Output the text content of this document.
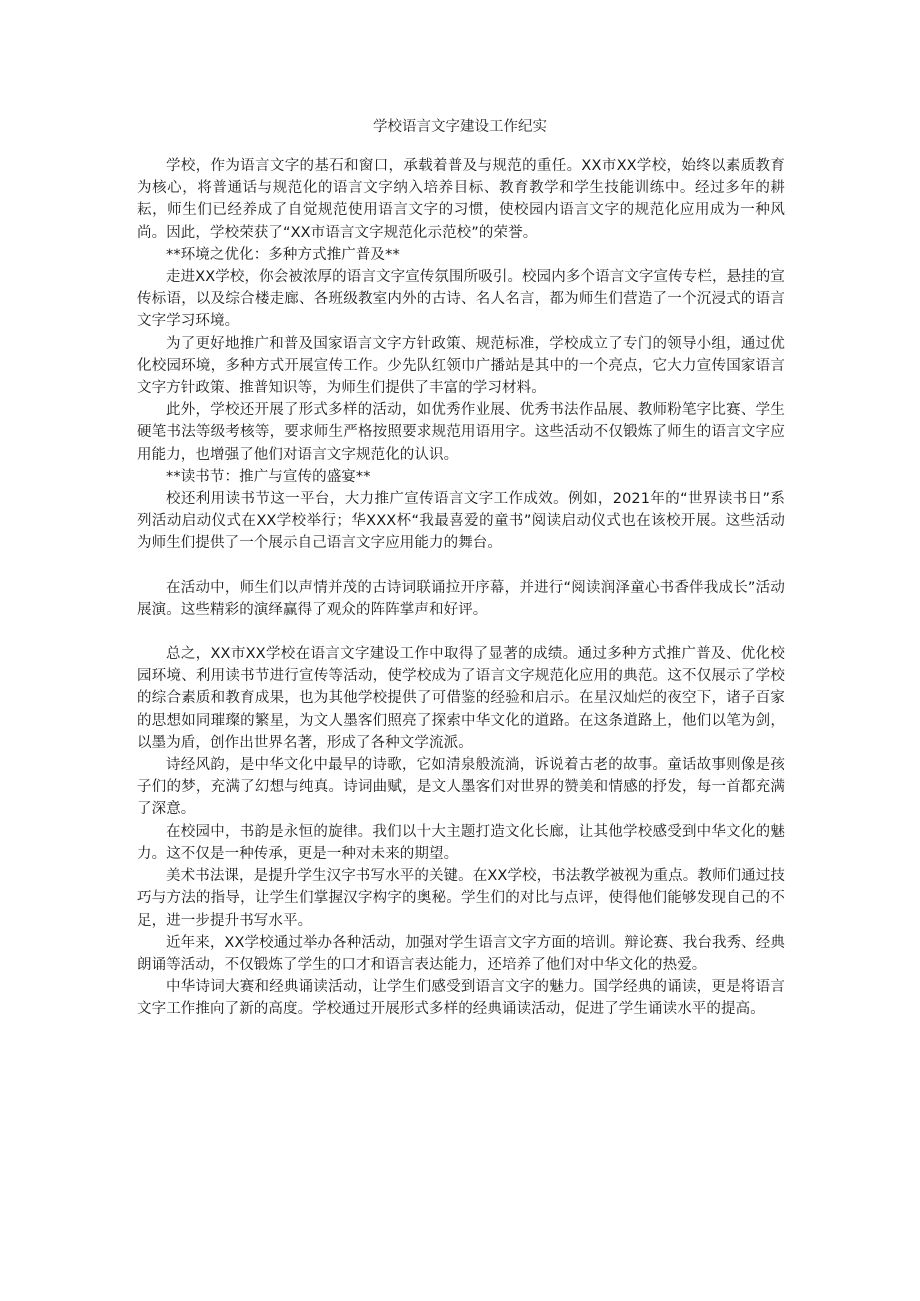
学校语言文字建设工作纪实

学校，作为语言文字的基石和窗口，承载着普及与规范的重任。XX市XX学校，始终以素质教育为核心，将普通话与规范化的语言文字纳入培养目标、教育教学和学生技能训练中。经过多年的耕耘，师生们已经养成了自觉规范使用语言文字的习惯，使校园内语言文字的规范化应用成为一种风尚。因此，学校荣获了“XX市语言文字规范化示范校”的荣誉。

**环境之优化：多种方式推广普及**

走进XX学校，你会被浓厚的语言文字宣传氛围所吸引。校园内多个语言文字宣传专栏，悬挂的宣传标语，以及综合楼走廊、各班级教室内外的古诗、名人名言，都为师生们营造了一个沉浸式的语言文字学习环境。

为了更好地推广和普及国家语言文字方针政策、规范标准，学校成立了专门的领导小组，通过优化校园环境，多种方式开展宣传工作。少先队红领巾广播站是其中的一个亮点，它大力宣传国家语言文字方针政策、推普知识等，为师生们提供了丰富的学习材料。

此外，学校还开展了形式多样的活动，如优秀作业展、优秀书法作品展、教师粉笔字比赛、学生硬笔书法等级考核等，要求师生严格按照要求规范用语用字。这些活动不仅锻炼了师生的语言文字应用能力，也增强了他们对语言文字规范化的认识。

**读书节：推广与宣传的盛宴**

校还利用读书节这一平台，大力推广宣传语言文字工作成效。例如，2021年的“世界读书日”系列活动启动仪式在XX学校举行；华XXX杯“我最喜爱的童书”阅读启动仪式也在该校开展。这些活动为师生们提供了一个展示自己语言文字应用能力的舞台。

在活动中，师生们以声情并茂的古诗词联诵拉开序幕，并进行“阅读润泽童心书香伴我成长”活动展演。这些精彩的演绎赢得了观众的阵阵掌声和好评。

总之，XX市XX学校在语言文字建设工作中取得了显著的成绩。通过多种方式推广普及、优化校园环境、利用读书节进行宣传等活动，使学校成为了语言文字规范化应用的典范。这不仅展示了学校的综合素质和教育成果，也为其他学校提供了可借鉴的经验和启示。在星汉灿烂的夜空下，诸子百家的思想如同璀璨的繁星，为文人墨客们照亮了探索中华文化的道路。在这条道路上，他们以笔为剑，以墨为盾，创作出世界名著，形成了各种文学流派。

诗经风韵，是中华文化中最早的诗歌，它如清泉般流淌，诉说着古老的故事。童话故事则像是孩子们的梦，充满了幻想与纯真。诗词曲赋，是文人墨客们对世界的赞美和情感的抒发，每一首都充满了深意。

在校园中，书韵是永恒的旋律。我们以十大主题打造文化长廊，让其他学校感受到中华文化的魅力。这不仅是一种传承，更是一种对未来的期望。

美术书法课，是提升学生汉字书写水平的关键。在XX学校，书法教学被视为重点。教师们通过技巧与方法的指导，让学生们掌握汉字构字的奥秘。学生们的对比与点评，使得他们能够发现自己的不足，进一步提升书写水平。

近年来，XX学校通过举办各种活动，加强对学生语言文字方面的培训。辩论赛、我台我秀、经典朗诵等活动，不仅锻炼了学生的口才和语言表达能力，还培养了他们对中华文化的热爱。

中华诗词大赛和经典诵读活动，让学生们感受到语言文字的魅力。国学经典的诵读，更是将语言文字工作推向了新的高度。学校通过开展形式多样的经典诵读活动，促进了学生诵读水平的提高。
